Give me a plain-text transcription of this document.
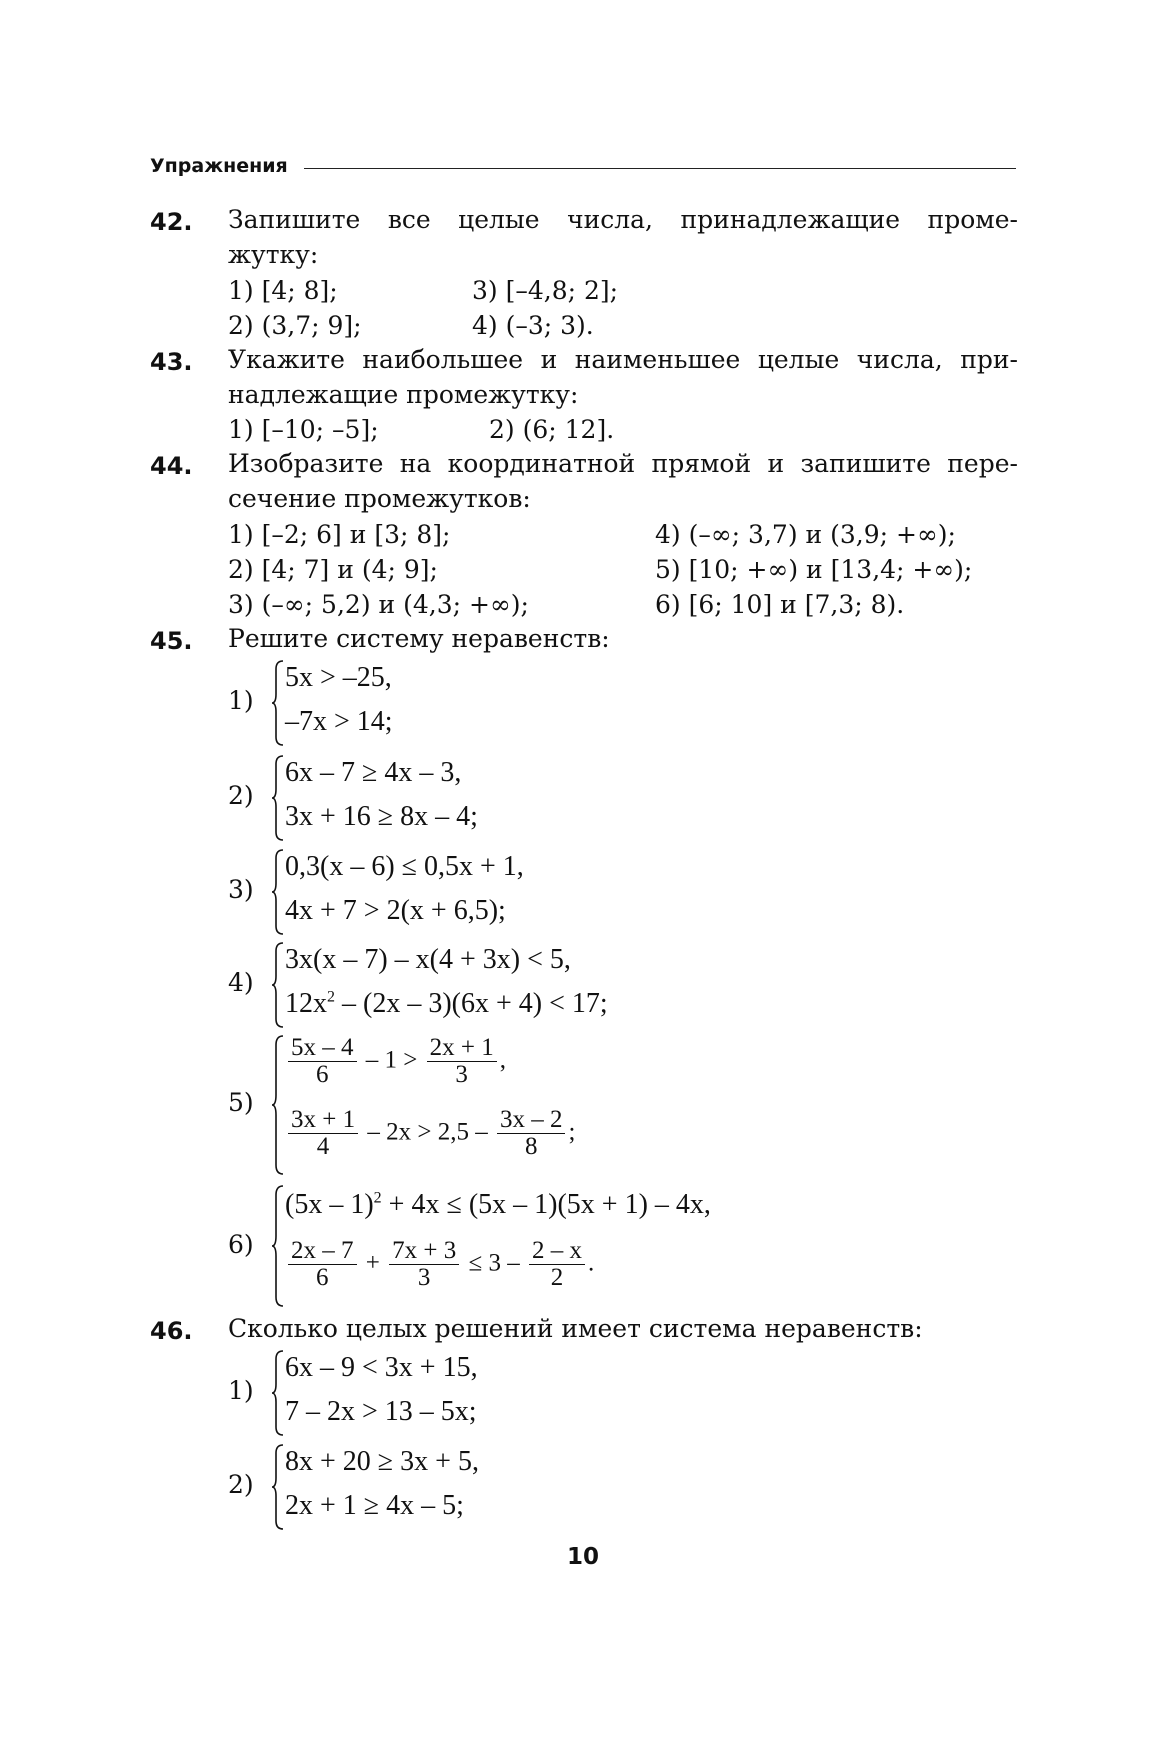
Упражнения
42. Запишите все целые числа, принадлежащие проме-
жутку:
1) [4; 8];	3) [–4,8; 2];
2) (3,7; 9];	4) (–3; 3).
43. Укажите наибольшее и наименьшее целые числа, при-
надлежащие промежутку:
1) [–10; –5];	2) (6; 12].
44. Изобразите на координатной прямой и запишите пере-
сечение промежутков:
1) [–2; 6] и [3; 8];	4) (–∞; 3,7) и (3,9; +∞);
2) [4; 7] и (4; 9];	5) [10; +∞) и [13,4; +∞);
3) (–∞; 5,2) и (4,3; +∞);	6) [6; 10] и [7,3; 8).
45. Решите систему неравенств:
1)
5x > –25,
–7x > 14;
2)
6x – 7 ≥ 4x – 3,
3x + 16 ≥ 8x – 4;
3)
0,3(x – 6) ≤ 0,5x + 1,
4x + 7 > 2(x + 6,5);
4)
3x(x – 7) – x(4 + 3x) < 5,
$12x^2 - (2x - 3)(6x + 4) < 17$;
5)
$\frac{5x - 4}{6} - 1 > \frac{2x + 1}{3}$ ,
$\frac{3x + 1}{4} - 2x > 2,5 - \frac{3x - 2}{8}$ ;
6)
(5x – 1)$^2$ + 4x ≤ (5x – 1)(5x + 1) – 4x,
$\frac{2x - 7}{6} + \frac{7x + 3}{3} \le 3 - \frac{2 - x}{2}$ .
46. Сколько целых решений имеет система неравенств:
1)
6x – 9 < 3x + 15,
7 – 2x > 13 – 5x;
2)
8x + 20 ≥ 3x + 5,
2x + 1 ≥ 4x – 5;
10
